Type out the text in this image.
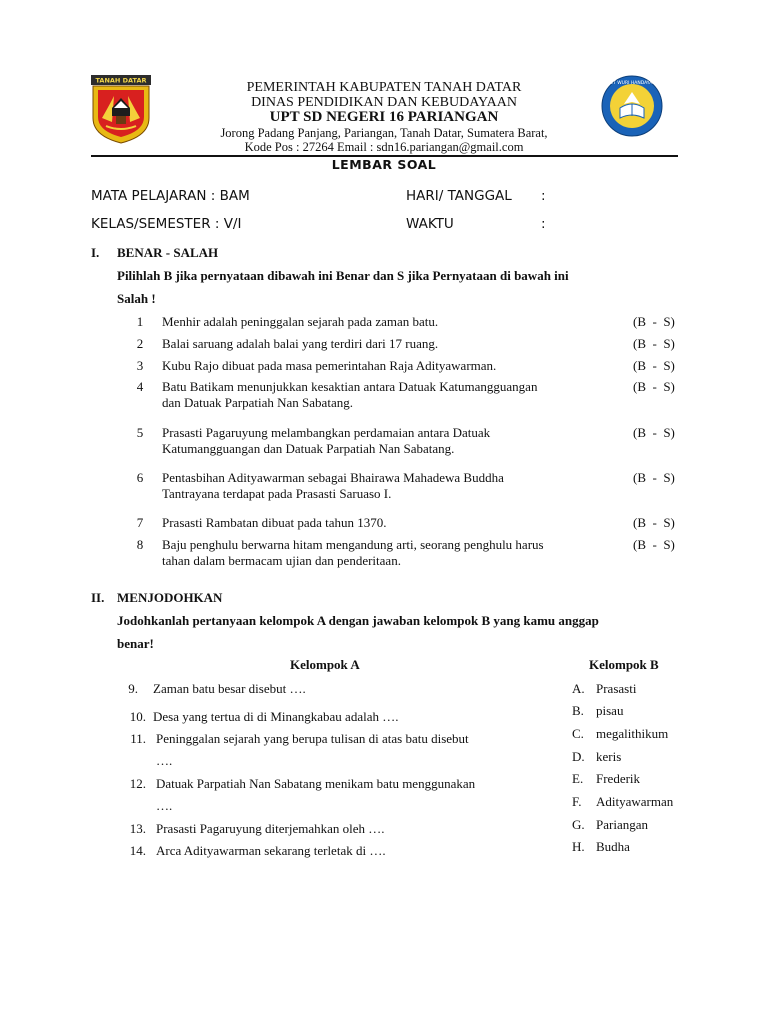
TANAH DATAR	TUT WURI HANDAYANI
PEMERINTAH KABUPATEN TANAH DATAR
DINAS PENDIDIKAN DAN KEBUDAYAAN
UPT SD NEGERI 16 PARIANGAN
Jorong Padang Panjang, Pariangan, Tanah Datar, Sumatera Barat,
Kode Pos : 27264 Email : sdn16.pariangan@gmail.com
LEMBAR SOAL
MATA PELAJARAN : BAM	HARI/ TANGGAL :
KELAS/SEMESTER : V/I	WAKTU	:
I. BENAR - SALAH
Pilihlah B jika pernyataan dibawah ini Benar dan S jika Pernyataan di bawah ini
Salah !
1	Menhir adalah peninggalan sejarah pada zaman batu.	(B  -  S)
2	Balai saruang adalah balai yang terdiri dari 17 ruang.	(B  -  S)
3	Kubu Rajo dibuat pada masa pemerintahan Raja Adityawarman.	(B  -  S)
4	Batu Batikam menunjukkan kesaktian antara Datuak Katumangguangan
dan Datuak Parpatiah Nan Sabatang.
(B  -  S)
5	Prasasti Pagaruyung melambangkan perdamaian antara Datuak
Katumangguangan dan Datuak Parpatiah Nan Sabatang.
(B  -  S)
6	Pentasbihan Adityawarman sebagai Bhairawa Mahadewa Buddha
Tantrayana terdapat pada Prasasti Saruaso I.
(B  -  S)
7	Prasasti Rambatan dibuat pada tahun 1370.	(B  -  S)
8	Baju penghulu berwarna hitam mengandung arti, seorang penghulu harus
tahan dalam bermacam ujian dan penderitaan.
(B  -  S)
II. MENJODOHKAN
Jodohkanlah pertanyaan kelompok A dengan jawaban kelompok B yang kamu anggap
benar!
Kelompok A	Kelompok B
9. Zaman batu besar disebut ….
10. Desa yang tertua di di Minangkabau adalah ….
11. Peninggalan sejarah yang berupa tulisan di atas batu disebut
….
12. Datuak Parpatiah Nan Sabatang menikam batu menggunakan
….
13. Prasasti Pagaruyung diterjemahkan oleh ….
14. Arca Adityawarman sekarang terletak di ….
A. Prasasti
B. pisau
C. megalithikum
D. keris
E. Frederik
F.	Adityawarman
G. Pariangan
H. Budha
